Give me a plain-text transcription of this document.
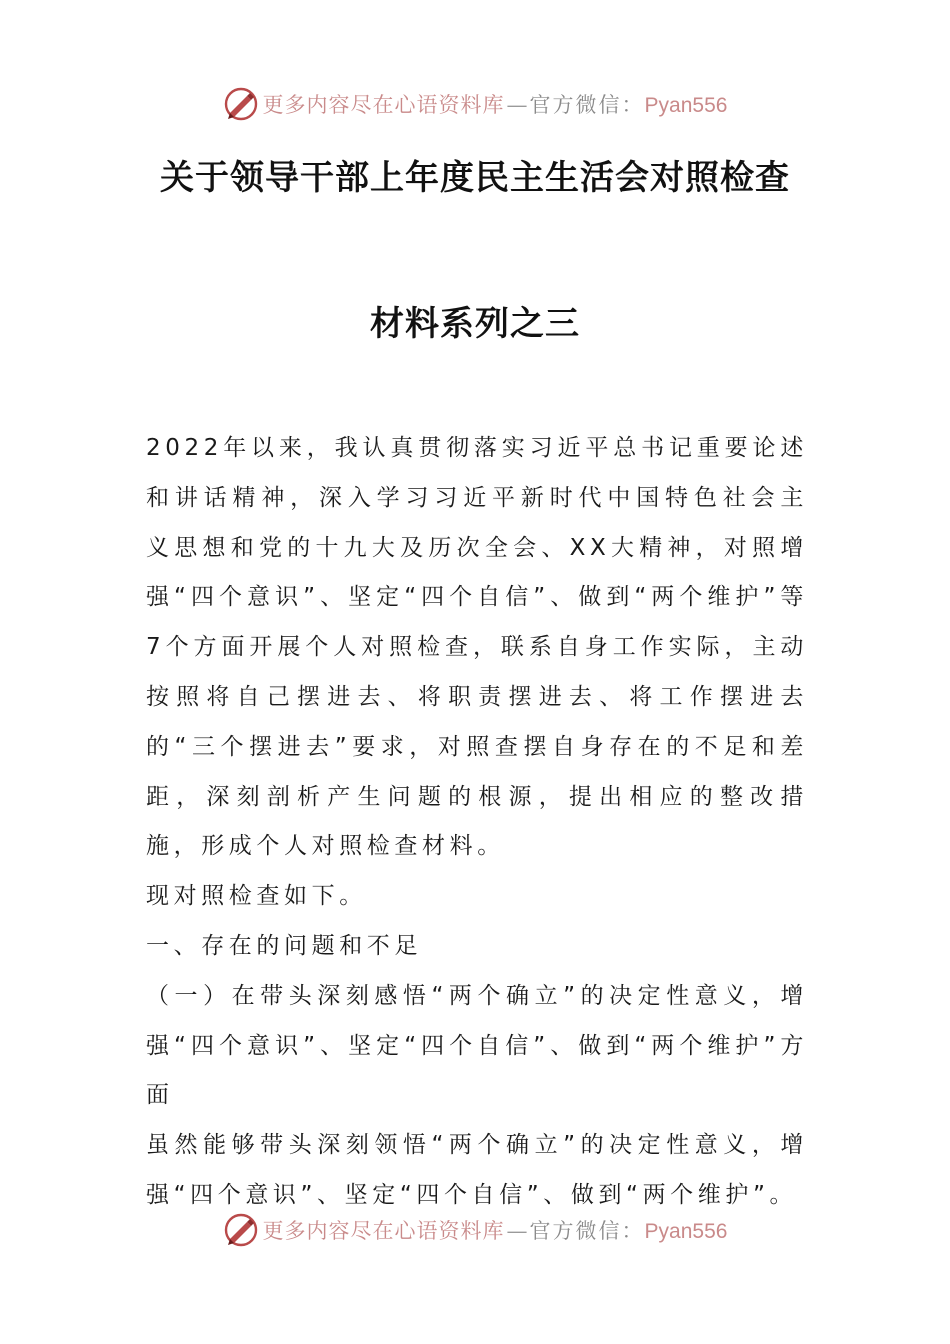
更多内容尽在心语资料库—官方微信：Pyan556
关于领导干部上年度民主生活会对照检查
材料系列之三

2022年以来，我认真贯彻落实习近平总书记重要论述和讲话精神，深入学习习近平新时代中国特色社会主义思想和党的十九大及历次全会、XX大精神，对照增强“四个意识”、坚定“四个自信”、做到“两个维护”等7个方面开展个人对照检查，联系自身工作实际，主动按照将自己摆进去、将职责摆进去、将工作摆进去的“三个摆进去”要求，对照查摆自身存在的不足和差距，深刻剖析产生问题的根源，提出相应的整改措施，形成个人对照检查材料。

现对照检查如下。

一、存在的问题和不足

（一）在带头深刻感悟“两个确立”的决定性意义，增强“四个意识”、坚定“四个自信”、做到“两个维护”方面

虽然能够带头深刻领悟“两个确立”的决定性意义，增强“四个意识”、坚定“四个自信”、做到“两个维护”。

更多内容尽在心语资料库—官方微信：Pyan556
